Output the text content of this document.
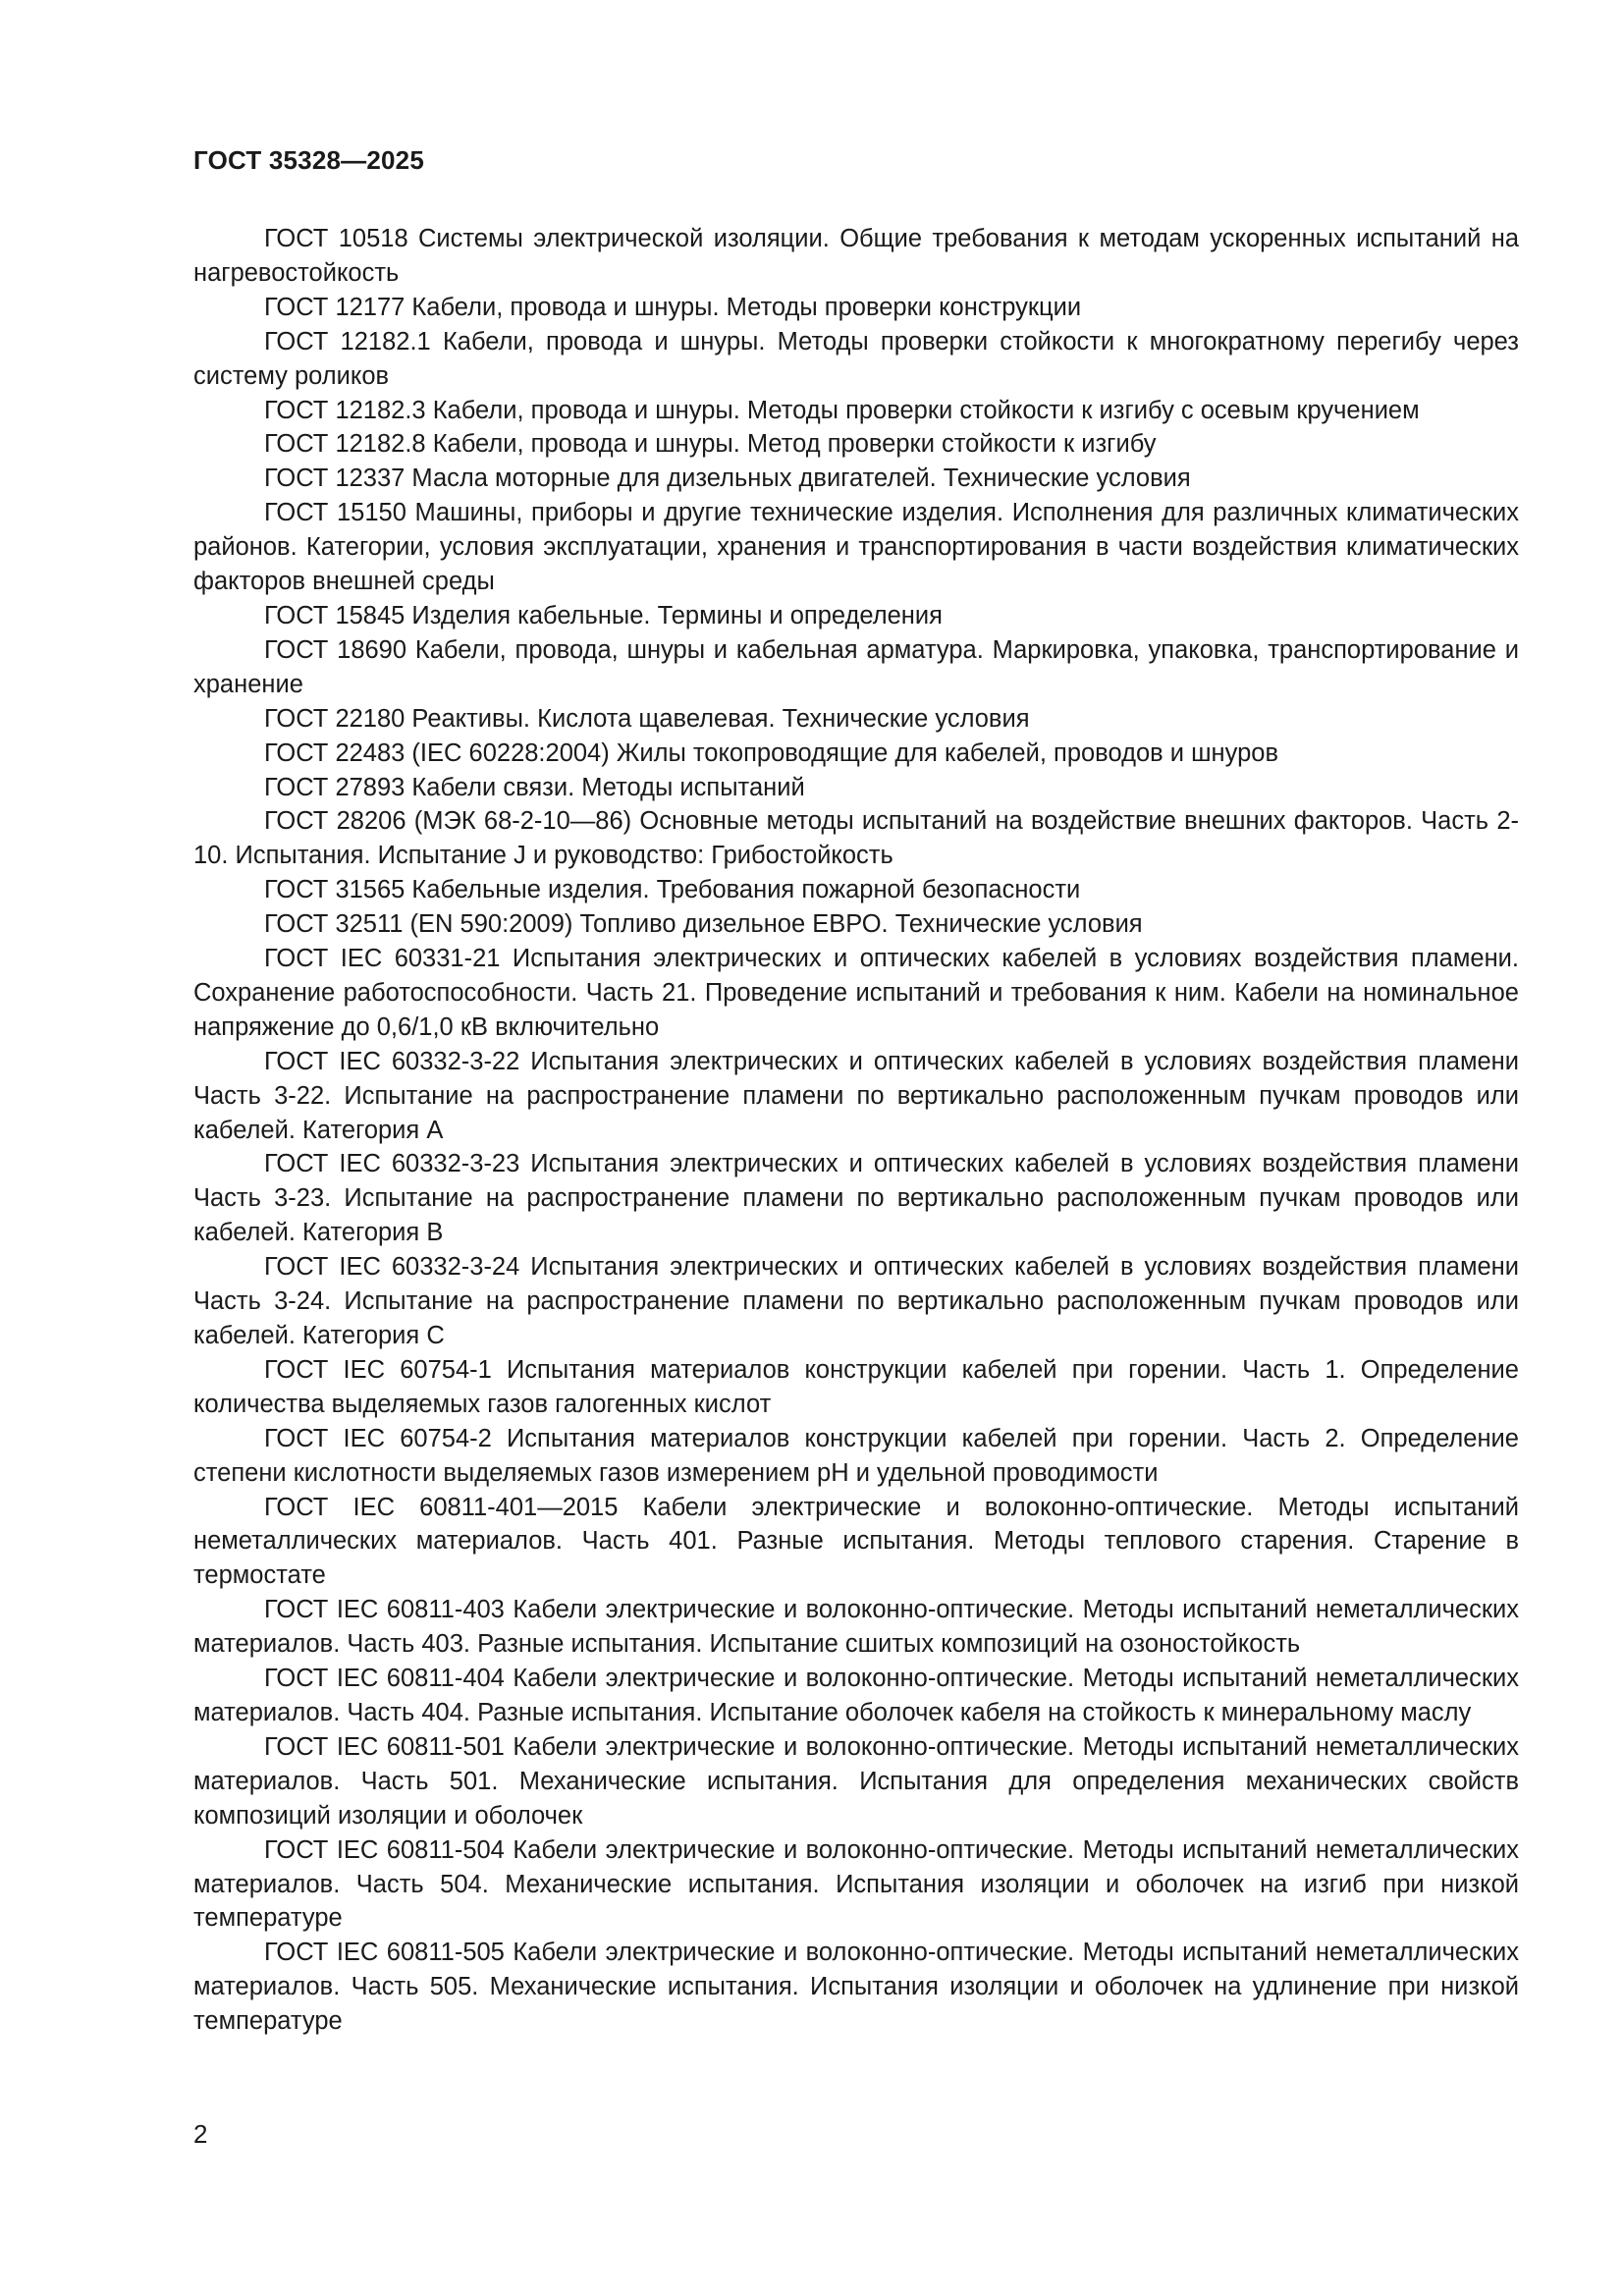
ГОСТ 35328—2025

ГОСТ 10518 Системы электрической изоляции. Общие требования к методам ускоренных испытаний на нагревостойкость

ГОСТ 12177 Кабели, провода и шнуры. Методы проверки конструкции

ГОСТ 12182.1 Кабели, провода и шнуры. Методы проверки стойкости к многократному перегибу через систему роликов

ГОСТ 12182.3 Кабели, провода и шнуры. Методы проверки стойкости к изгибу с осевым кручением

ГОСТ 12182.8 Кабели, провода и шнуры. Метод проверки стойкости к изгибу

ГОСТ 12337 Масла моторные для дизельных двигателей. Технические условия

ГОСТ 15150 Машины, приборы и другие технические изделия. Исполнения для различных климатических районов. Категории, условия эксплуатации, хранения и транспортирования в части воздействия климатических факторов внешней среды

ГОСТ 15845 Изделия кабельные. Термины и определения

ГОСТ 18690 Кабели, провода, шнуры и кабельная арматура. Маркировка, упаковка, транспортирование и хранение

ГОСТ 22180 Реактивы. Кислота щавелевая. Технические условия

ГОСТ 22483 (IEC 60228:2004) Жилы токопроводящие для кабелей, проводов и шнуров

ГОСТ 27893 Кабели связи. Методы испытаний

ГОСТ 28206 (МЭК 68-2-10—86) Основные методы испытаний на воздействие внешних факторов. Часть 2-10. Испытания. Испытание J и руководство: Грибостойкость

ГОСТ 31565 Кабельные изделия. Требования пожарной безопасности

ГОСТ 32511 (EN 590:2009) Топливо дизельное ЕВРО. Технические условия

ГОСТ IEC 60331-21 Испытания электрических и оптических кабелей в условиях воздействия пламени. Сохранение работоспособности. Часть 21. Проведение испытаний и требования к ним. Кабели на номинальное напряжение до 0,6/1,0 кВ включительно

ГОСТ IEC 60332-3-22 Испытания электрических и оптических кабелей в условиях воздействия пламени Часть 3-22. Испытание на распространение пламени по вертикально расположенным пучкам проводов или кабелей. Категория А

ГОСТ IEC 60332-3-23 Испытания электрических и оптических кабелей в условиях воздействия пламени Часть 3-23. Испытание на распространение пламени по вертикально расположенным пучкам проводов или кабелей. Категория В

ГОСТ IEC 60332-3-24 Испытания электрических и оптических кабелей в условиях воздействия пламени Часть 3-24. Испытание на распространение пламени по вертикально расположенным пучкам проводов или кабелей. Категория С

ГОСТ IEC 60754-1 Испытания материалов конструкции кабелей при горении. Часть 1. Определение количества выделяемых газов галогенных кислот

ГОСТ IEC 60754-2 Испытания материалов конструкции кабелей при горении. Часть 2. Определение степени кислотности выделяемых газов измерением pH и удельной проводимости

ГОСТ IEC 60811-401—2015 Кабели электрические и волоконно-оптические. Методы испытаний неметаллических материалов. Часть 401. Разные испытания. Методы теплового старения. Старение в термостате

ГОСТ IEC 60811-403 Кабели электрические и волоконно-оптические. Методы испытаний неметаллических материалов. Часть 403. Разные испытания. Испытание сшитых композиций на озоностойкость

ГОСТ IEC 60811-404 Кабели электрические и волоконно-оптические. Методы испытаний неметаллических материалов. Часть 404. Разные испытания. Испытание оболочек кабеля на стойкость к минеральному маслу

ГОСТ IEC 60811-501 Кабели электрические и волоконно-оптические. Методы испытаний неметаллических материалов. Часть 501. Механические испытания. Испытания для определения механических свойств композиций изоляции и оболочек

ГОСТ IEC 60811-504 Кабели электрические и волоконно-оптические. Методы испытаний неметаллических материалов. Часть 504. Механические испытания. Испытания изоляции и оболочек на изгиб при низкой температуре

ГОСТ IEC 60811-505 Кабели электрические и волоконно-оптические. Методы испытаний неметаллических материалов. Часть 505. Механические испытания. Испытания изоляции и оболочек на удлинение при низкой температуре

2
